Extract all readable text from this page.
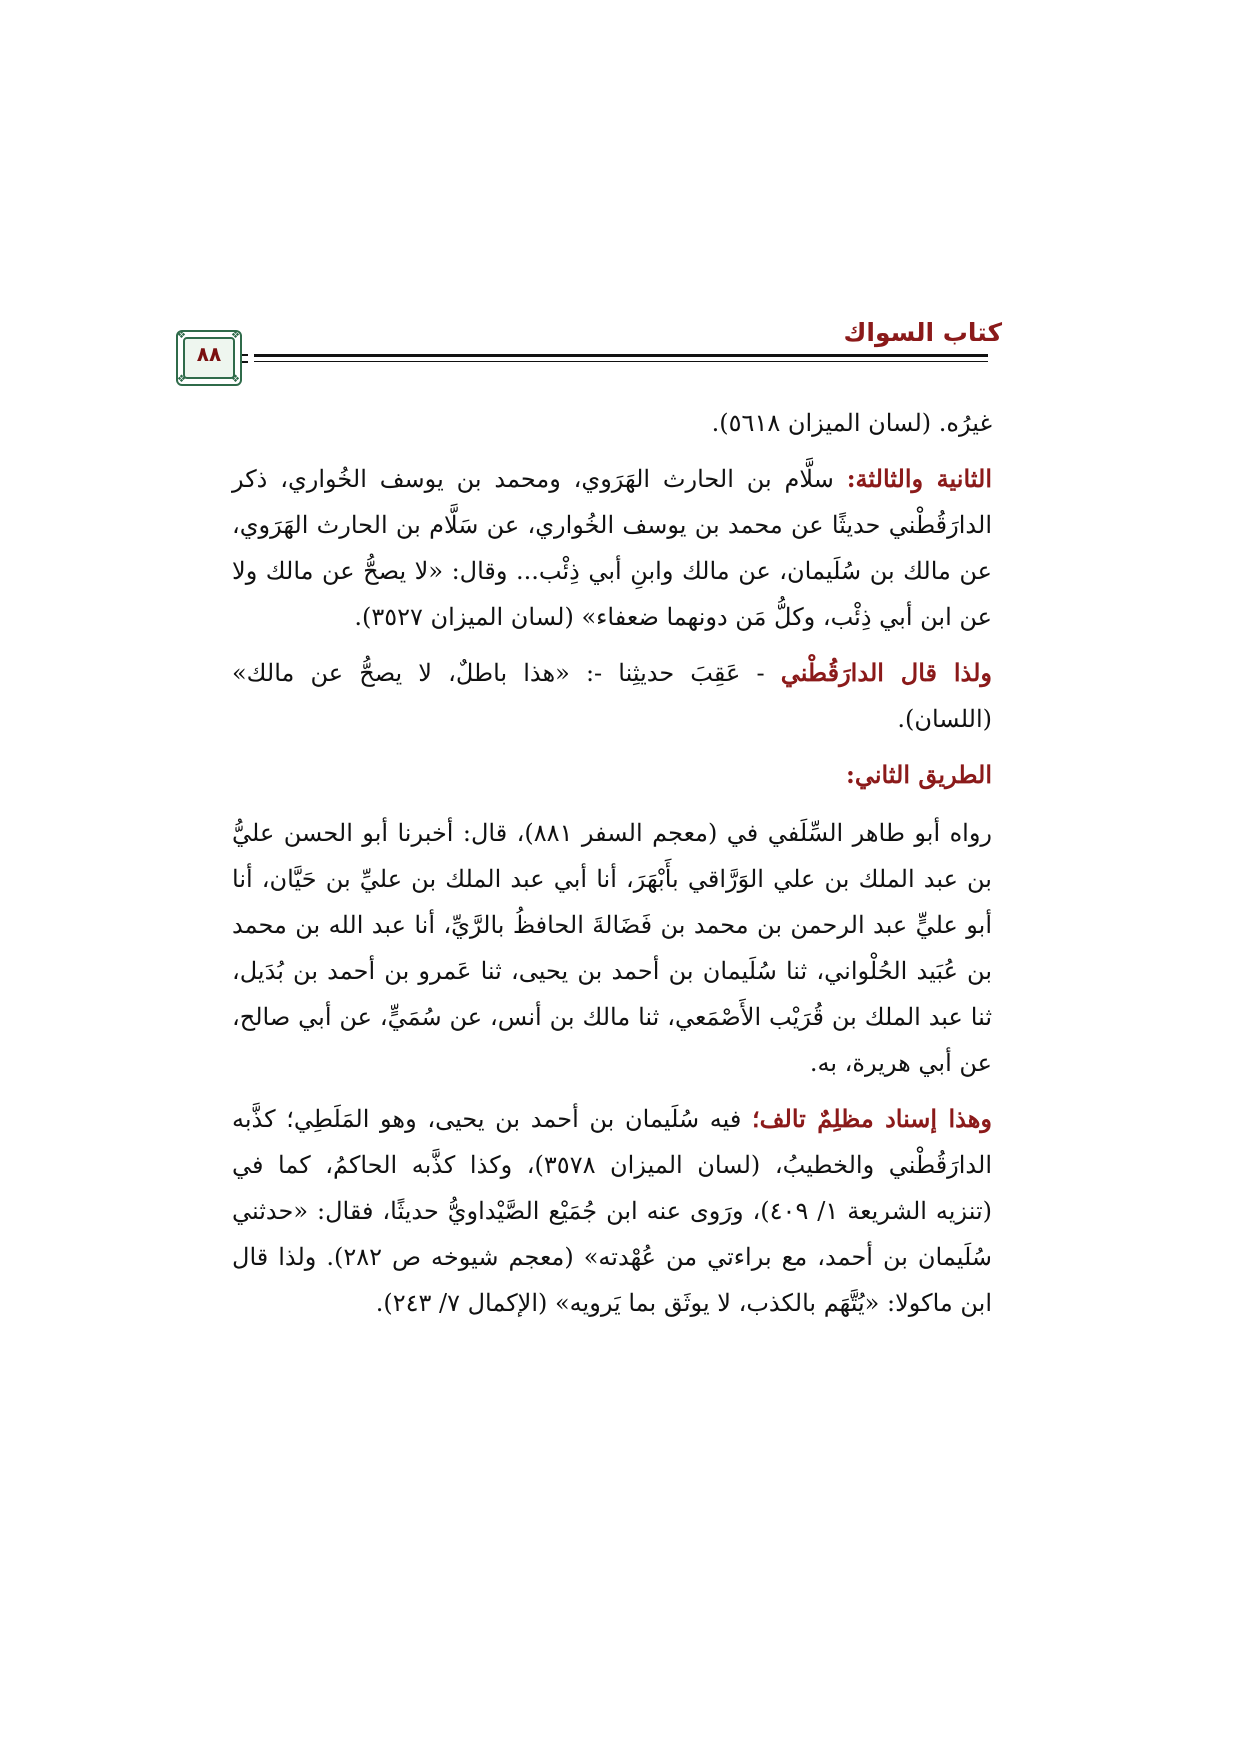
كتاب السواك
❖	❖
❖	❖
٨٨

غيرُه. (لسان الميزان ٥٦١٨).

الثانية والثالثة: سلَّام بن الحارث الهَرَوي، ومحمد بن يوسف الخُواري، ذكر الدارَقُطْني حديثًا عن محمد بن يوسف الخُواري، عن سَلَّام بن الحارث الهَرَوي، عن مالك بن سُلَيمان، عن مالك وابنِ أبي ذِئْب... وقال: «لا يصحُّ عن مالك ولا عن ابن أبي ذِئْب، وكلُّ مَن دونهما ضعفاء» (لسان الميزان ٣٥٢٧).

ولذا قال الدارَقُطْني - عَقِبَ حديثِنا -: «هذا باطلٌ، لا يصحُّ عن مالك» (اللسان).

الطريق الثاني:

رواه أبو طاهر السِّلَفي في (معجم السفر ٨٨١)، قال: أخبرنا أبو الحسن عليُّ بن عبد الملك بن علي الوَرَّاقي بأَبْهَرَ، أنا أبي عبد الملك بن عليِّ بن حَيَّان، أنا أبو عليٍّ عبد الرحمن بن محمد بن فَضَالةَ الحافظُ بالرَّيِّ، أنا عبد الله بن محمد بن عُبَيد الحُلْواني، ثنا سُلَيمان بن أحمد بن يحيى، ثنا عَمرو بن أحمد بن بُدَيل، ثنا عبد الملك بن قُرَيْب الأَصْمَعي، ثنا مالك بن أنس، عن سُمَيٍّ، عن أبي صالح، عن أبي هريرة، به.

وهذا إسناد مظلِمٌ تالف؛ فيه سُلَيمان بن أحمد بن يحيى، وهو المَلَطِي؛ كذَّبه الدارَقُطْني والخطيبُ، (لسان الميزان ٣٥٧٨)، وكذا كذَّبه الحاكمُ، كما في (تنزيه الشريعة ١/ ٤٠٩)، ورَوى عنه ابن جُمَيْع الصَّيْداويُّ حديثًا، فقال: «حدثني سُلَيمان بن أحمد، مع براءتي من عُهْدته» (معجم شيوخه ص ٢٨٢). ولذا قال ابن ماكولا: «يُتَّهَم بالكذب، لا يوثَق بما يَرويه» (الإكمال ٧/ ٢٤٣).
